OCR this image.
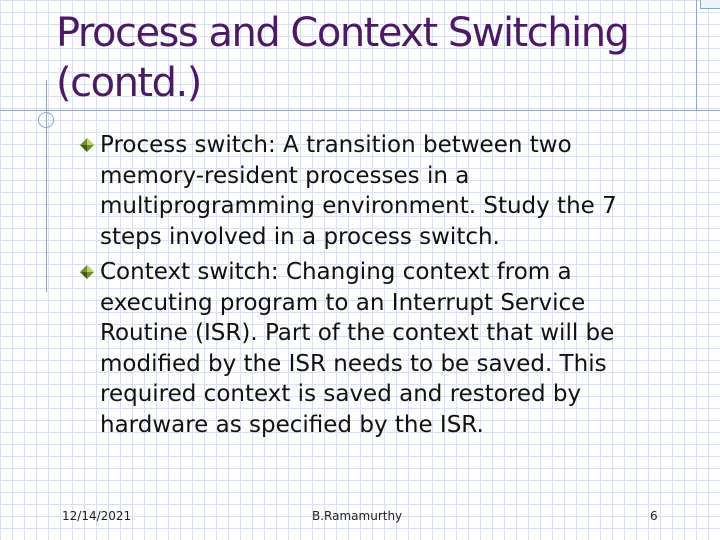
Process and Context Switching (contd.)
Process switch: A transition between two memory-resident processes in a multiprogramming environment. Study the 7 steps involved in a process switch.
Context switch: Changing context from a executing program to an Interrupt Service Routine (ISR). Part of the context that will be modified by the ISR needs to be saved. This required context is saved and restored by hardware as specified by the ISR.
12/14/2021	B.Ramamurthy	6
